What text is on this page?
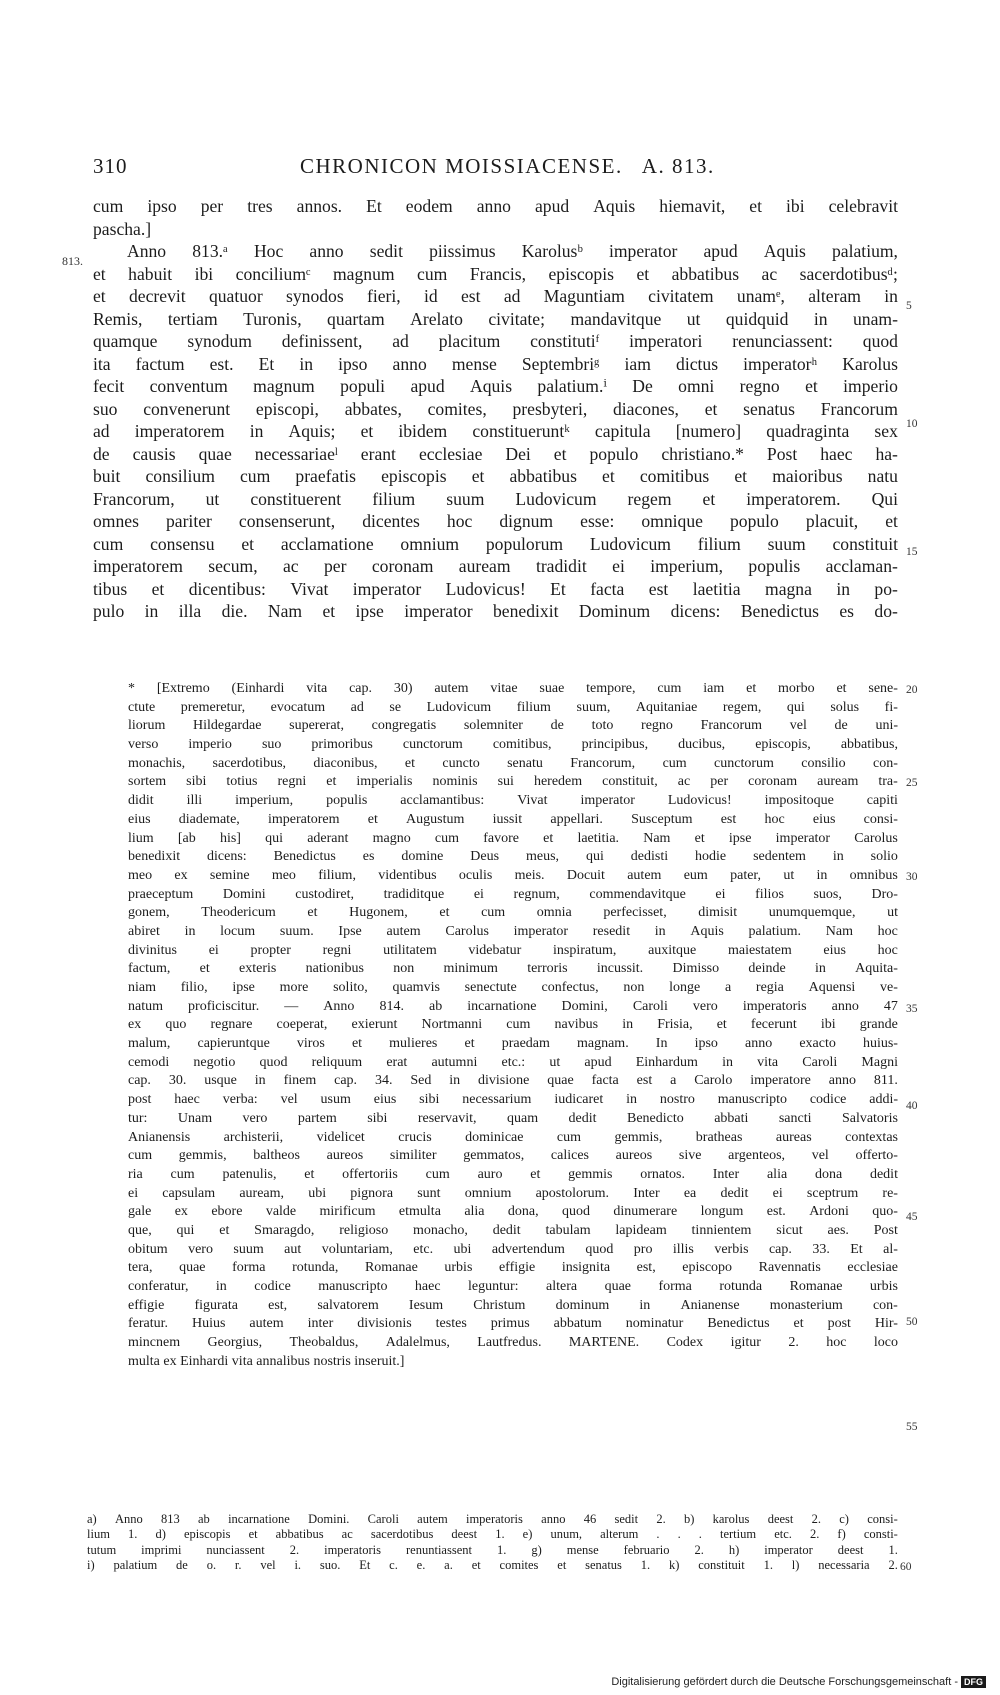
310	CHRONICON MOISSIACENSE.   A. 813.
813.
cum ipso per tres annos. Et eodem anno apud Aquis hiemavit, et ibi celebravit
pascha.]
Anno 813.ᵃ Hoc anno sedit piissimus Karolusᵇ imperator apud Aquis palatium,
et habuit ibi conciliumᶜ magnum cum Francis, episcopis et abbatibus ac sacerdotibusᵈ;
et decrevit quatuor synodos fieri, id est ad Maguntiam civitatem unamᵉ, alteram in
Remis, tertiam Turonis, quartam Arelato civitate; mandavitque ut quidquid in unam-
quamque synodum definissent, ad placitum constitutiᶠ imperatori renunciassent: quod
ita factum est. Et in ipso anno mense Septembriᵍ iam dictus imperatorʰ Karolus
fecit conventum magnum populi apud Aquis palatium.ⁱ De omni regno et imperio
suo convenerunt episcopi, abbates, comites, presbyteri, diacones, et senatus Francorum
ad imperatorem in Aquis; et ibidem constitueruntᵏ capitula [numero] quadraginta sex
de causis quae necessariaeˡ erant ecclesiae Dei et populo christiano.* Post haec ha-
buit consilium cum praefatis episcopis et abbatibus et comitibus et maioribus natu
Francorum, ut constituerent filium suum Ludovicum regem et imperatorem. Qui
omnes pariter consenserunt, dicentes hoc dignum esse: omnique populo placuit, et
cum consensu et acclamatione omnium populorum Ludovicum filium suum constituit
imperatorem secum, ac per coronam auream tradidit ei imperium, populis acclaman-
tibus et dicentibus: Vivat imperator Ludovicus! Et facta est laetitia magna in po-
pulo in illa die. Nam et ipse imperator benedixit Dominum dicens: Benedictus es do-
5
10
15
* [Extremo (Einhardi vita cap. 30) autem vitae suae tempore, cum iam et morbo et sene-
ctute premeretur, evocatum ad se Ludovicum filium suum, Aquitaniae regem, qui solus fi-
liorum Hildegardae supererat, congregatis solemniter de toto regno Francorum vel de uni-
verso imperio suo primoribus cunctorum comitibus, principibus, ducibus, episcopis, abbatibus,
monachis, sacerdotibus, diaconibus, et cuncto senatu Francorum, cum cunctorum consilio con-
sortem sibi totius regni et imperialis nominis sui heredem constituit, ac per coronam auream tra-
didit illi imperium, populis acclamantibus: Vivat imperator Ludovicus! impositoque capiti
eius diademate, imperatorem et Augustum iussit appellari. Susceptum est hoc eius consi-
lium [ab his] qui aderant magno cum favore et laetitia. Nam et ipse imperator Carolus
benedixit dicens: Benedictus es domine Deus meus, qui dedisti hodie sedentem in solio
meo ex semine meo filium, videntibus oculis meis. Docuit autem eum pater, ut in omnibus
praeceptum Domini custodiret, tradiditque ei regnum, commendavitque ei filios suos, Dro-
gonem, Theodericum et Hugonem, et cum omnia perfecisset, dimisit unumquemque, ut
abiret in locum suum. Ipse autem Carolus imperator resedit in Aquis palatium. Nam hoc
divinitus ei propter regni utilitatem videbatur inspiratum, auxitque maiestatem eius hoc
factum, et exteris nationibus non minimum terroris incussit. Dimisso deinde in Aquita-
niam filio, ipse more solito, quamvis senectute confectus, non longe a regia Aquensi ve-
natum proficiscitur. — Anno 814. ab incarnatione Domini, Caroli vero imperatoris anno 47
ex quo regnare coeperat, exierunt Nortmanni cum navibus in Frisia, et fecerunt ibi grande
malum, capieruntque viros et mulieres et praedam magnam. In ipso anno exacto huius-
cemodi negotio quod reliquum erat autumni etc.: ut apud Einhardum in vita Caroli Magni
cap. 30. usque in finem cap. 34. Sed in divisione quae facta est a Carolo imperatore anno 811.
post haec verba: vel usum eius sibi necessarium iudicaret in nostro manuscripto codice addi-
tur: Unam vero partem sibi reservavit, quam dedit Benedicto abbati sancti Salvatoris
Anianensis archisterii, videlicet crucis dominicae cum gemmis, bratheas aureas contextas
cum gemmis, baltheos aureos similiter gemmatos, calices aureos sive argenteos, vel offerto-
ria cum patenulis, et offertoriis cum auro et gemmis ornatos. Inter alia dona dedit
ei capsulam auream, ubi pignora sunt omnium apostolorum. Inter ea dedit ei sceptrum re-
gale ex ebore valde mirificum etmulta alia dona, quod dinumerare longum est. Ardoni quo-
que, qui et Smaragdo, religioso monacho, dedit tabulam lapideam tinnientem sicut aes. Post
obitum vero suum aut voluntariam, etc. ubi advertendum quod pro illis verbis cap. 33. Et al-
tera, quae forma rotunda, Romanae urbis effigie insignita est, episcopo Ravennatis ecclesiae
conferatur, in codice manuscripto haec leguntur: altera quae forma rotunda Romanae urbis
effigie figurata est, salvatorem Iesum Christum dominum in Anianense monasterium con-
feratur. Huius autem inter divisionis testes primus abbatum nominatur Benedictus et post Hir-
mincnem Georgius, Theobaldus, Adalelmus, Lautfredus. MARTENE. Codex igitur 2. hoc loco
multa ex Einhardi vita annalibus nostris inseruit.]
20
25
30
35
40
45
50
55
a) Anno 813 ab incarnatione Domini. Caroli autem imperatoris anno 46 sedit 2. b) karolus deest 2. c) consi-
lium 1. d) episcopis et abbatibus ac sacerdotibus deest 1. e) unum, alterum . . . tertium etc. 2. f) consti-
tutum imprimi nunciassent 2. imperatoris renuntiassent 1. g) mense februario 2. h) imperator deest 1.
i) palatium de o. r. vel i. suo. Et c. e. a. et comites et senatus 1. k) constituit 1. l) necessaria 2. 60
Digitalisierung gefördert durch die Deutsche Forschungsgemeinschaft - DFG
